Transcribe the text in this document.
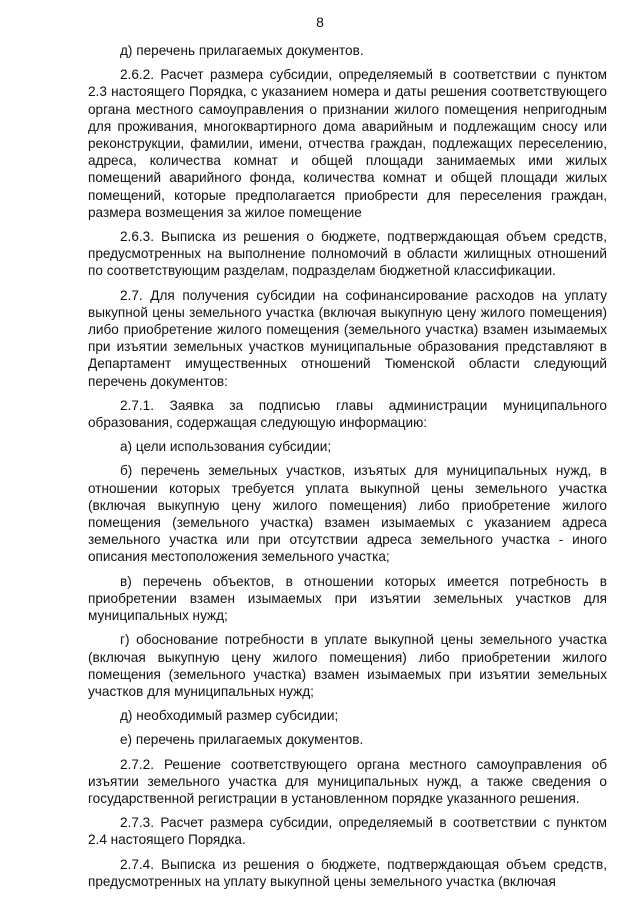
8

д) перечень прилагаемых документов.

2.6.2. Расчет размера субсидии, определяемый в соответствии с пунктом 2.3 настоящего Порядка, с указанием номера и даты решения соответствующего органа местного самоуправления о признании жилого помещения непригодным для проживания, многоквартирного дома аварийным и подлежащим сносу или реконструкции, фамилии, имени, отчества граждан, подлежащих переселению, адреса, количества комнат и общей площади занимаемых ими жилых помещений аварийного фонда, количества комнат и общей площади жилых помещений, которые предполагается приобрести для переселения граждан, размера возмещения за жилое помещение

2.6.3. Выписка из решения о бюджете, подтверждающая объем средств, предусмотренных на выполнение полномочий в области жилищных отношений по соответствующим разделам, подразделам бюджетной классификации.

2.7. Для получения субсидии на софинансирование расходов на уплату выкупной цены земельного участка (включая выкупную цену жилого помещения) либо приобретение жилого помещения (земельного участка) взамен изымаемых при изъятии земельных участков муниципальные образования представляют в Департамент имущественных отношений Тюменской области следующий перечень документов:

2.7.1. Заявка за подписью главы администрации муниципального образования, содержащая следующую информацию:

а) цели использования субсидии;

б) перечень земельных участков, изъятых для муниципальных нужд, в отношении которых требуется уплата выкупной цены земельного участка (включая выкупную цену жилого помещения) либо приобретение жилого помещения (земельного участка) взамен изымаемых с указанием адреса земельного участка или при отсутствии адреса земельного участка - иного описания местоположения земельного участка;

в) перечень объектов, в отношении которых имеется потребность в приобретении взамен изымаемых при изъятии земельных участков для муниципальных нужд;

г) обоснование потребности в уплате выкупной цены земельного участка (включая выкупную цену жилого помещения) либо приобретении жилого помещения (земельного участка) взамен изымаемых при изъятии земельных участков для муниципальных нужд;

д) необходимый размер субсидии;

е) перечень прилагаемых документов.

2.7.2. Решение соответствующего органа местного самоуправления об изъятии земельного участка для муниципальных нужд, а также сведения о государственной регистрации в установленном порядке указанного решения.

2.7.3. Расчет размера субсидии, определяемый в соответствии с пунктом 2.4 настоящего Порядка.

2.7.4. Выписка из решения о бюджете, подтверждающая объем средств, предусмотренных на уплату выкупной цены земельного участка (включая
